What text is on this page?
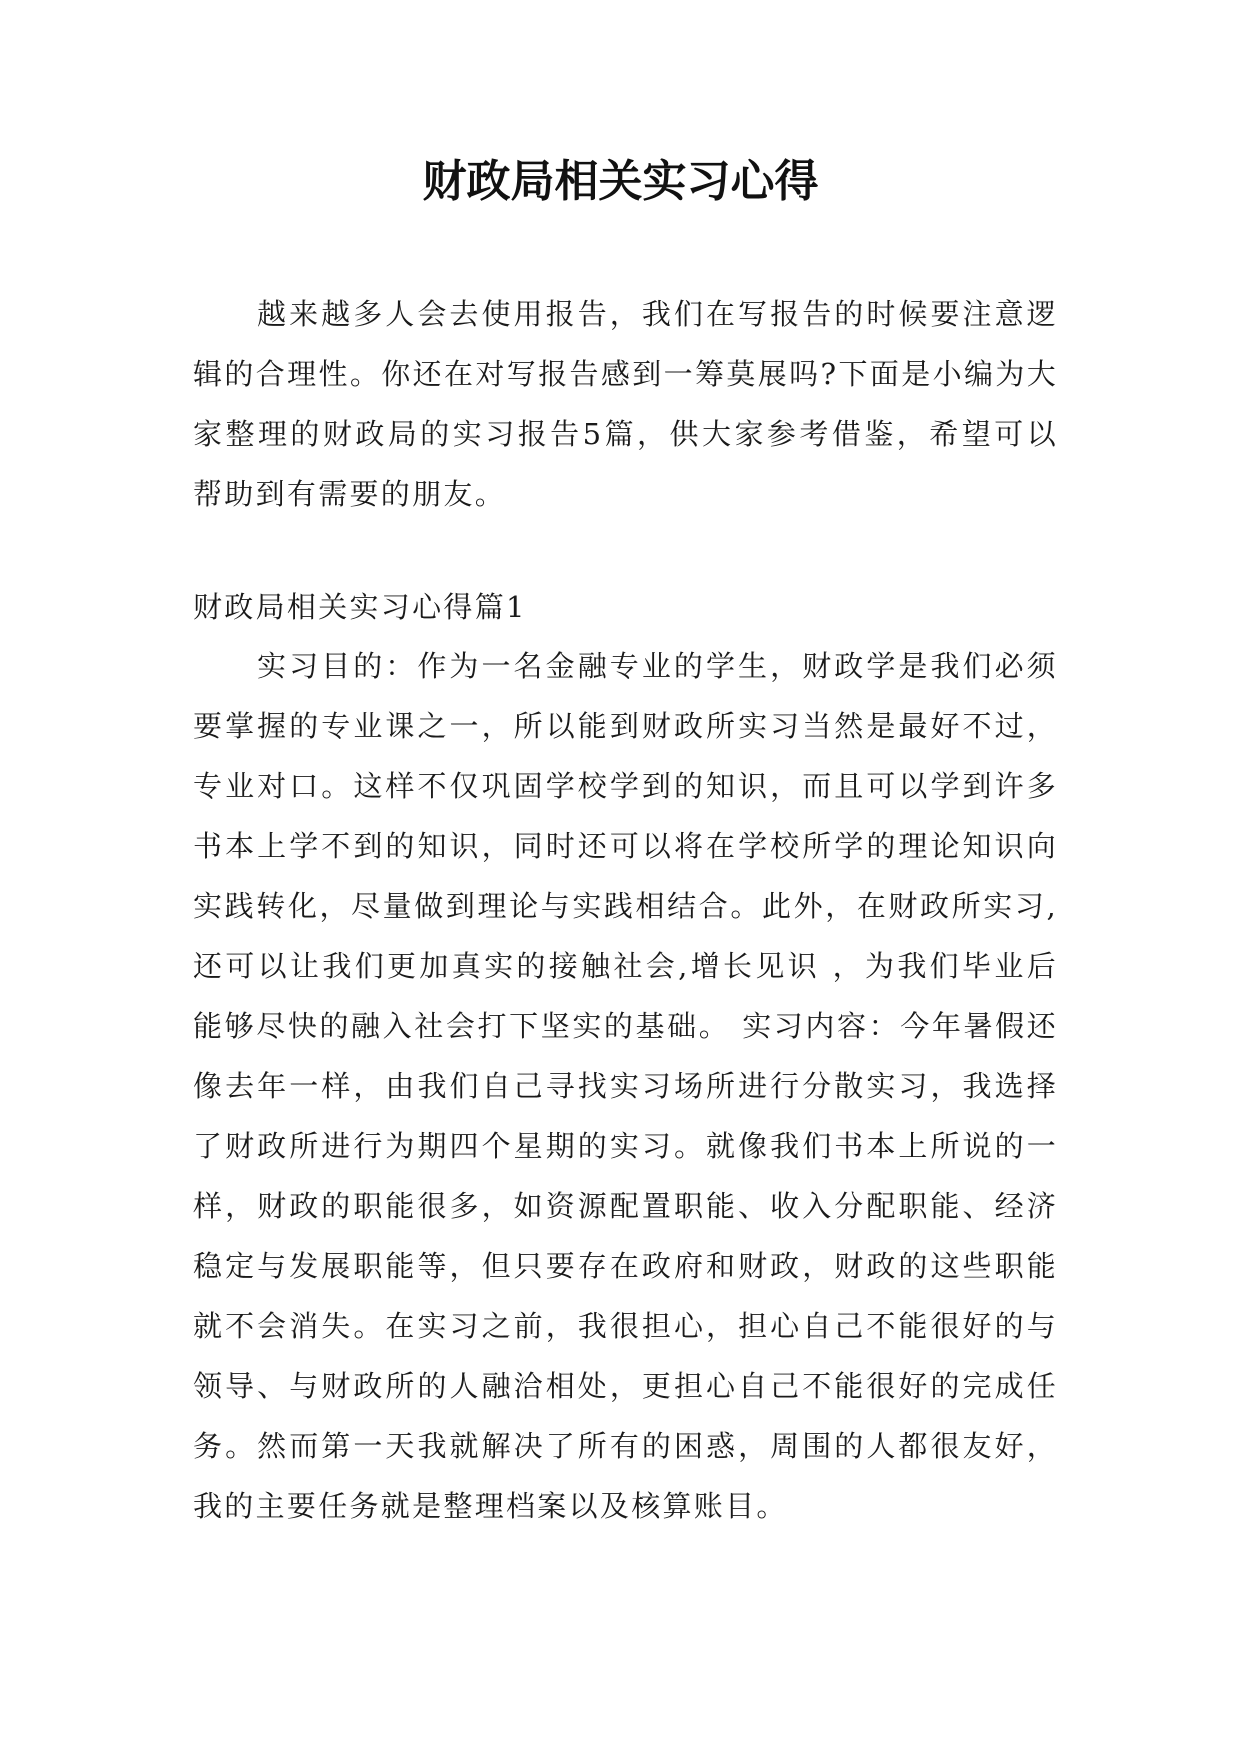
财政局相关实习心得

越来越多人会去使用报告，我们在写报告的时候要注意逻辑的合理性。你还在对写报告感到一筹莫展吗?下面是小编为大家整理的财政局的实习报告5篇，供大家参考借鉴，希望可以帮助到有需要的朋友。

财政局相关实习心得篇1

实习目的：作为一名金融专业的学生，财政学是我们必须要掌握的专业课之一，所以能到财政所实习当然是最好不过，专业对口。这样不仅巩固学校学到的知识，而且可以学到许多书本上学不到的知识，同时还可以将在学校所学的理论知识向实践转化，尽量做到理论与实践相结合。此外，在财政所实习,还可以让我们更加真实的接触社会,增长见识 ，为我们毕业后能够尽快的融入社会打下坚实的基础。 实习内容：今年暑假还像去年一样，由我们自己寻找实习场所进行分散实习，我选择了财政所进行为期四个星期的实习。就像我们书本上所说的一样，财政的职能很多，如资源配置职能、收入分配职能、经济稳定与发展职能等，但只要存在政府和财政，财政的这些职能就不会消失。在实习之前，我很担心，担心自己不能很好的与领导、与财政所的人融洽相处，更担心自己不能很好的完成任务。然而第一天我就解决了所有的困惑，周围的人都很友好，我的主要任务就是整理档案以及核算账目。
